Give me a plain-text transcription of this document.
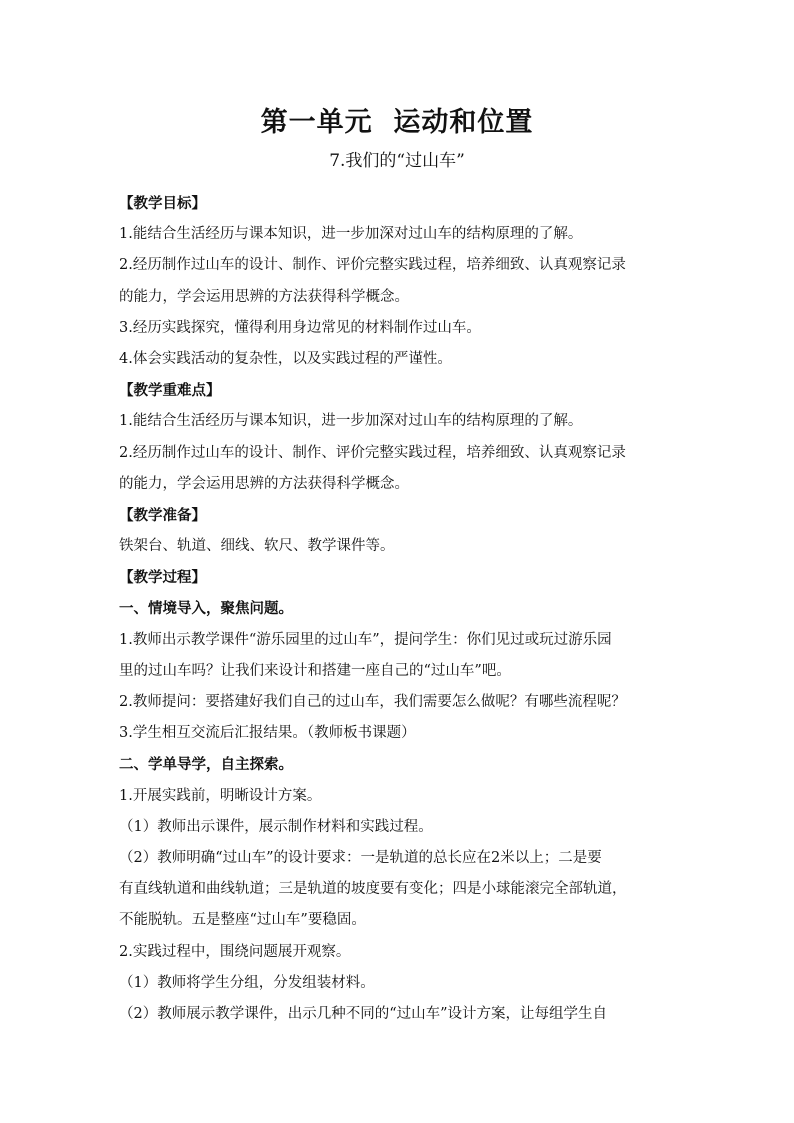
第一单元  运动和位置
7.我们的“过山车”
【教学目标】
1.能结合生活经历与课本知识，进一步加深对过山车的结构原理的了解。
2.经历制作过山车的设计、制作、评价完整实践过程，培养细致、认真观察记录
的能力，学会运用思辨的方法获得科学概念。
3.经历实践探究，懂得利用身边常见的材料制作过山车。
4.体会实践活动的复杂性，以及实践过程的严谨性。
【教学重难点】
1.能结合生活经历与课本知识，进一步加深对过山车的结构原理的了解。
2.经历制作过山车的设计、制作、评价完整实践过程，培养细致、认真观察记录
的能力，学会运用思辨的方法获得科学概念。
【教学准备】
铁架台、轨道、细线、软尺、教学课件等。
【教学过程】
一、情境导入，聚焦问题。
1.教师出示教学课件“游乐园里的过山车”，提问学生：你们见过或玩过游乐园
里的过山车吗？让我们来设计和搭建一座自己的“过山车”吧。
2.教师提问：要搭建好我们自己的过山车，我们需要怎么做呢？有哪些流程呢？
3.学生相互交流后汇报结果。（教师板书课题）
二、学单导学，自主探索。
1.开展实践前，明晰设计方案。
（1）教师出示课件，展示制作材料和实践过程。
（2）教师明确“过山车”的设计要求：一是轨道的总长应在2米以上；二是要
有直线轨道和曲线轨道；三是轨道的坡度要有变化；四是小球能滚完全部轨道，
不能脱轨。五是整座“过山车”要稳固。
2.实践过程中，围绕问题展开观察。
（1）教师将学生分组，分发组装材料。
（2）教师展示教学课件，出示几种不同的“过山车”设计方案，让每组学生自
